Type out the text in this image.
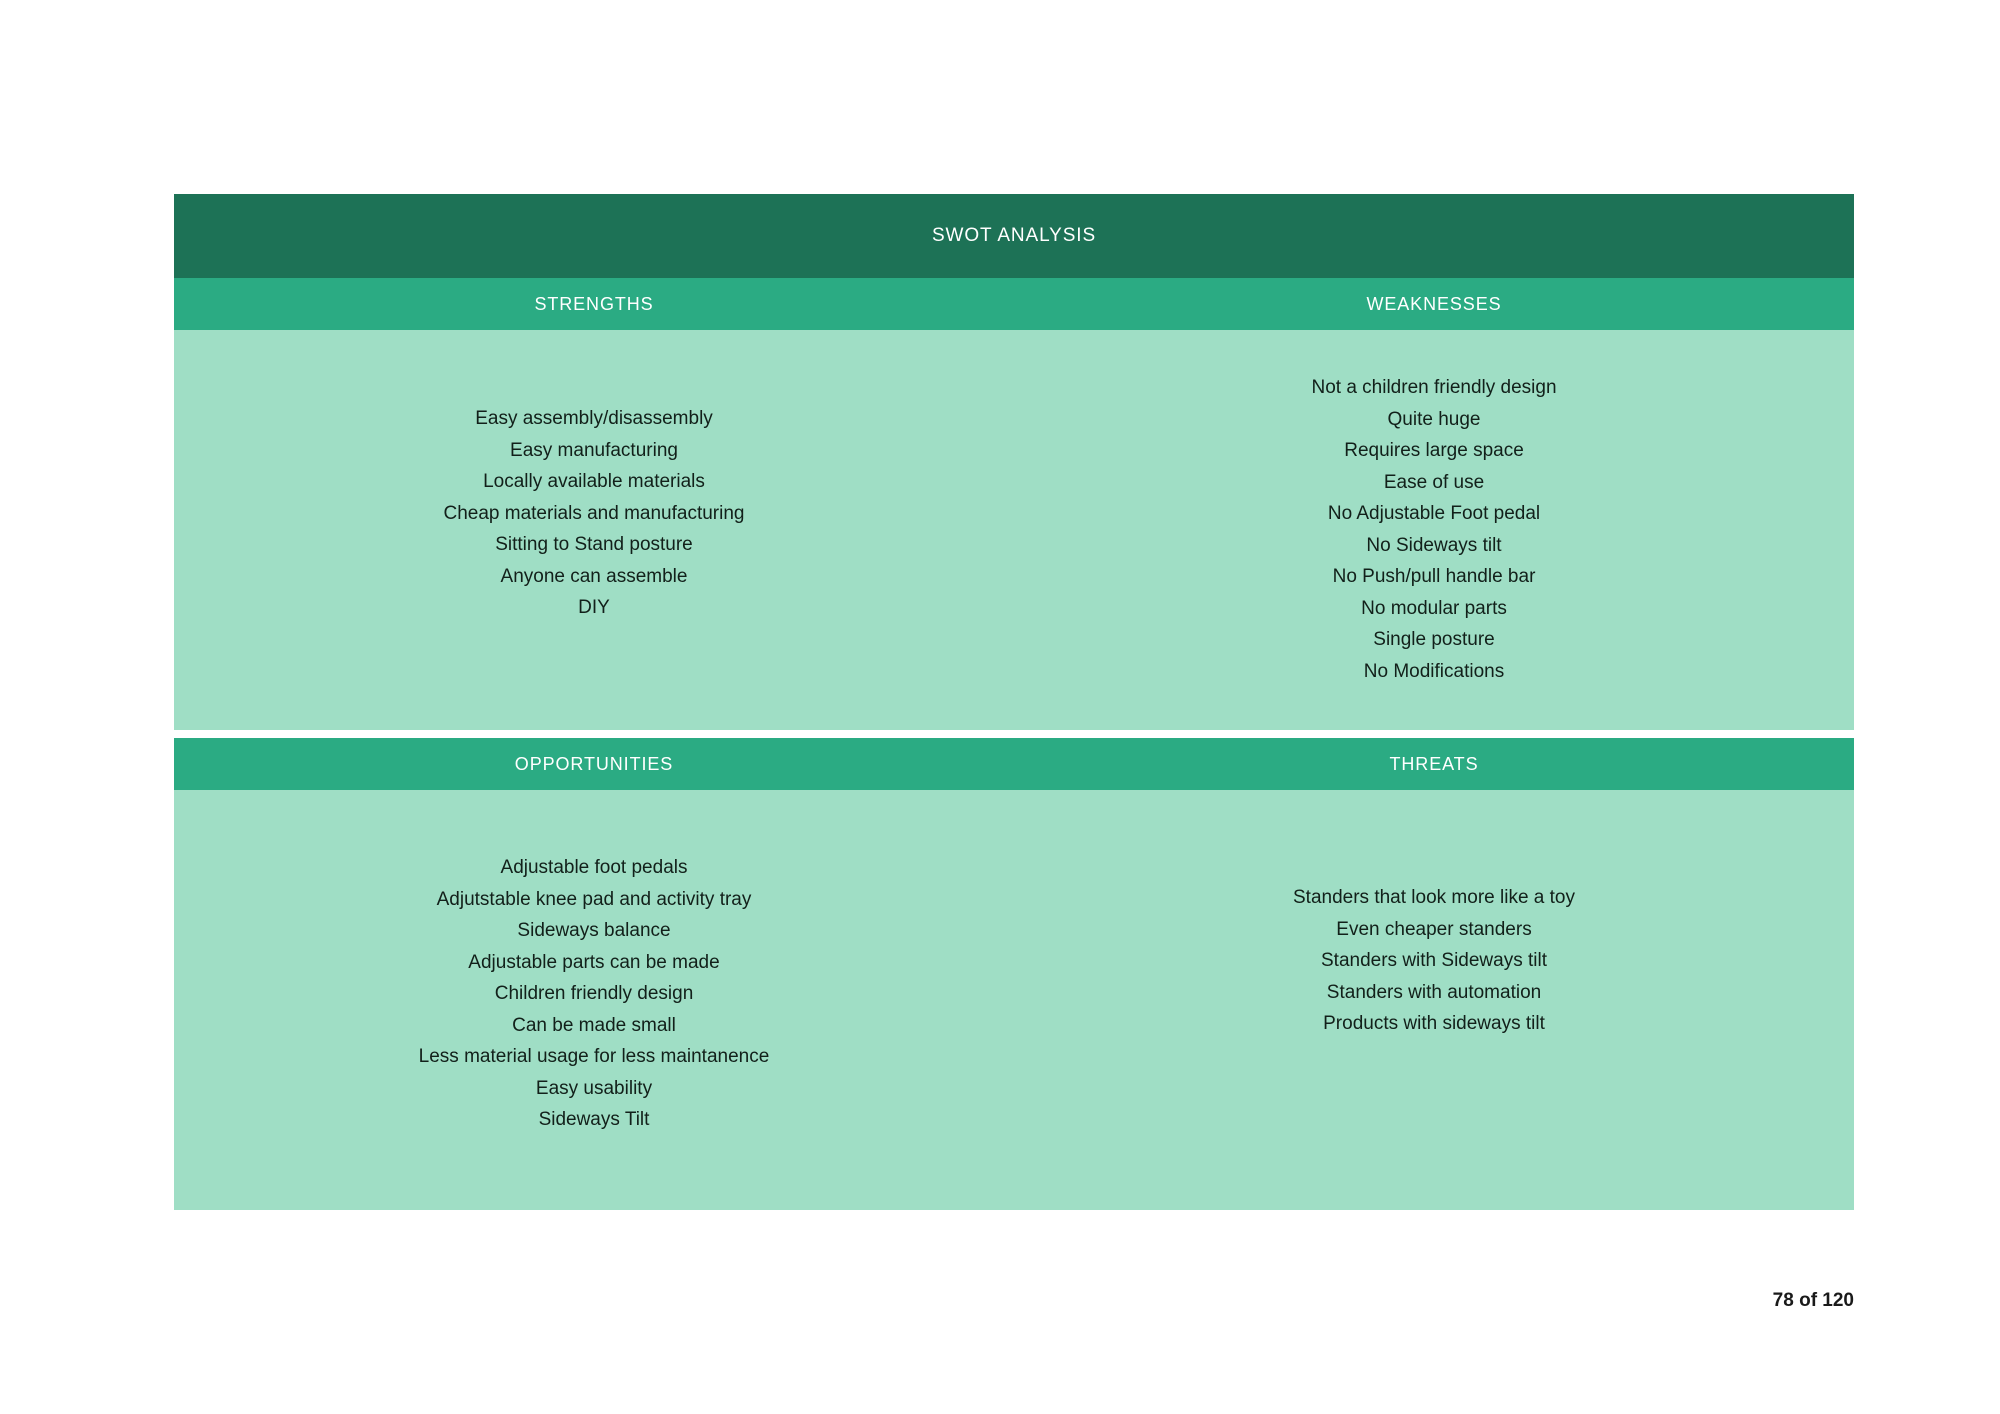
SWOT ANALYSIS
STRENGTHS	WEAKNESSES
Easy assembly/disassembly
Easy manufacturing
Locally available materials
Cheap materials and manufacturing
Sitting to Stand posture
Anyone can assemble
DIY
Not a children friendly design
Quite huge
Requires large space
Ease of use
No Adjustable Foot pedal
No Sideways tilt
No Push/pull handle bar
No modular parts
Single posture
No Modifications
OPPORTUNITIES	THREATS
Adjustable foot pedals
Adjutstable knee pad and activity tray
Sideways balance
Adjustable parts can be made
Children friendly design
Can be made small
Less material usage for less maintanence
Easy usability
Sideways Tilt
Standers that look more like a toy
Even cheaper standers
Standers with Sideways tilt
Standers with automation
Products with sideways tilt
78 of 120
